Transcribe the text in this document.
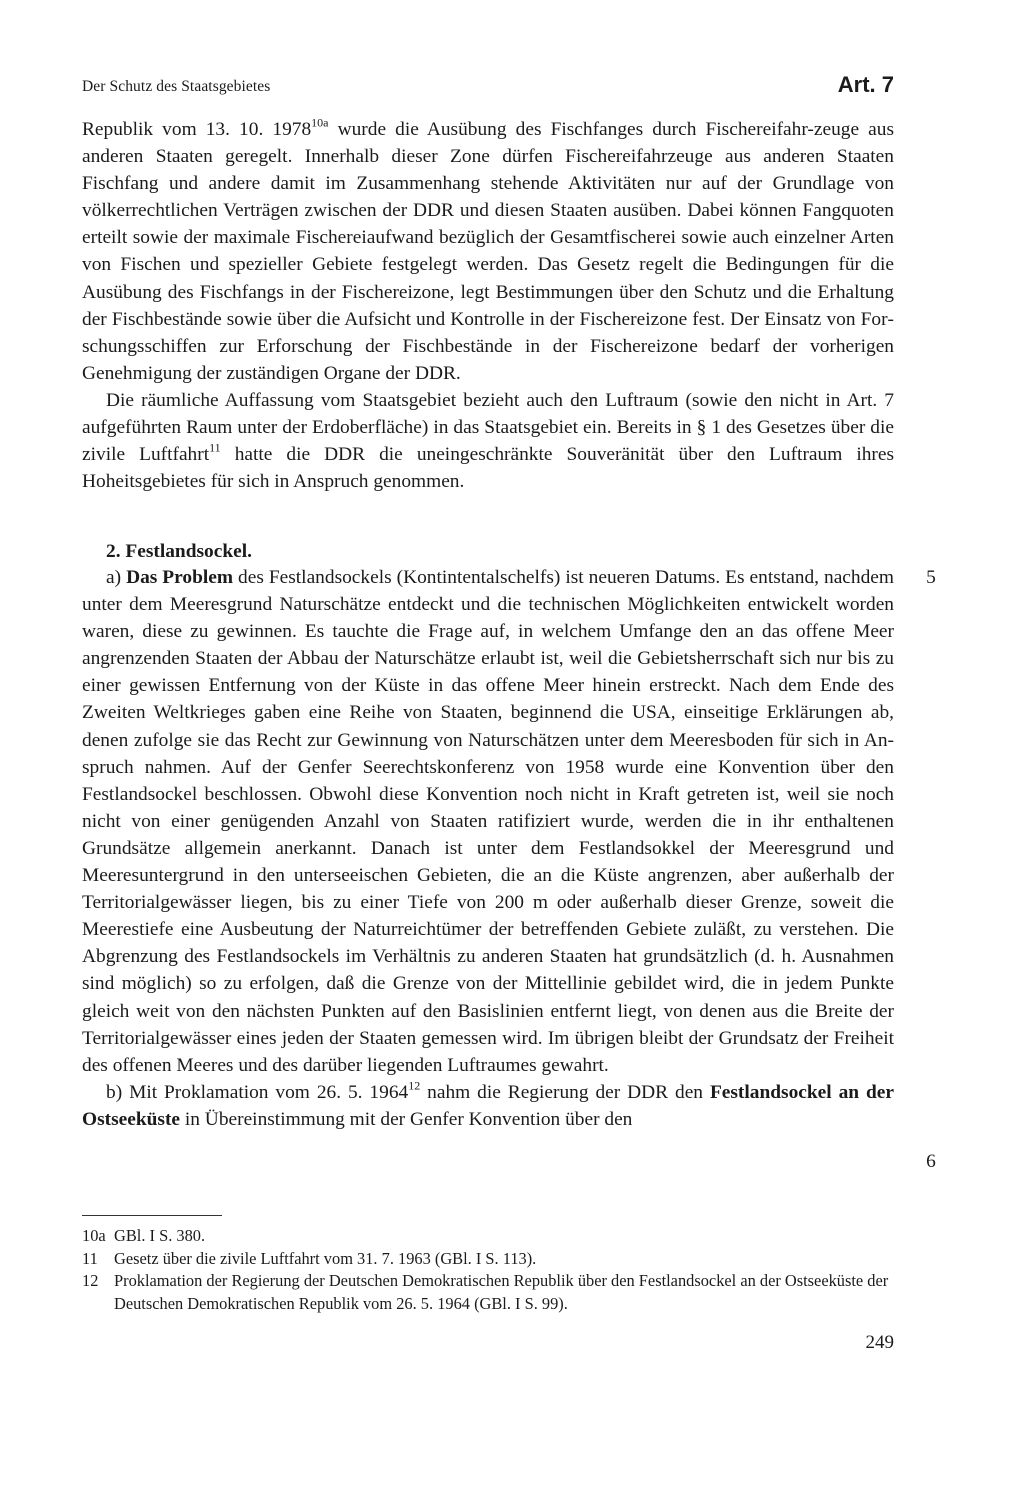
Der Schutz des Staatsgebietes	Art. 7

Republik vom 13. 10. $1978^{10a}$ wurde die Ausübung des Fischfanges durch Fischereifahr-zeuge aus anderen Staaten geregelt. Innerhalb dieser Zone dürfen Fischereifahrzeuge aus anderen Staaten Fischfang und andere damit im Zusammenhang stehende Aktivitäten nur auf der Grundlage von völkerrechtlichen Verträgen zwischen der DDR und diesen Staaten ausüben. Dabei können Fangquoten erteilt sowie der maximale Fischereiaufwand bezüglich der Gesamtfischerei sowie auch einzelner Arten von Fischen und spezieller Gebiete festgelegt werden. Das Gesetz regelt die Bedingungen für die Ausübung des Fischfangs in der Fischereizone, legt Bestimmungen über den Schutz und die Erhaltung der Fischbestände sowie über die Aufsicht und Kontrolle in der Fischereizone fest. Der Einsatz von Forschungsschiffen zur Erforschung der Fischbestände in der Fischereizone bedarf der vorherigen Genehmigung der zuständigen Organe der DDR.

Die räumliche Auffassung vom Staatsgebiet bezieht auch den Luftraum (sowie den nicht in Art. 7 aufgeführten Raum unter der Erdoberfläche) in das Staatsgebiet ein. Bereits in § 1 des Gesetzes über die zivile Luftfahrt$^{11}$ hatte die DDR die uneingeschränkte Souveränität über den Luftraum ihres Hoheitsgebietes für sich in Anspruch genommen.

2. Festlandsockel.

a) Das Problem des Festlandsockels (Kontintentalschelfs) ist neueren Datums. Es entstand, nachdem unter dem Meeresgrund Naturschätze entdeckt und die technischen Möglichkeiten entwickelt worden waren, diese zu gewinnen. Es tauchte die Frage auf, in welchem Umfange den an das offene Meer angrenzenden Staaten der Abbau der Naturschätze erlaubt ist, weil die Gebietsherrschaft sich nur bis zu einer gewissen Entfernung von der Küste in das offene Meer hinein erstreckt. Nach dem Ende des Zweiten Weltkrieges gaben eine Reihe von Staaten, beginnend die USA, einseitige Erklärungen ab, denen zufolge sie das Recht zur Gewinnung von Naturschätzen unter dem Meeresboden für sich in Anspruch nahmen. Auf der Genfer Seerechtskonferenz von 1958 wurde eine Konvention über den Festlandsockel beschlossen. Obwohl diese Konvention noch nicht in Kraft getreten ist, weil sie noch nicht von einer genügenden Anzahl von Staaten ratifiziert wurde, werden die in ihr enthaltenen Grundsätze allgemein anerkannt. Danach ist unter dem Festlandsokkel der Meeresgrund und Meeresuntergrund in den unterseeischen Gebieten, die an die Küste angrenzen, aber außerhalb der Territorialgewässer liegen, bis zu einer Tiefe von 200 m oder außerhalb dieser Grenze, soweit die Meerestiefe eine Ausbeutung der Naturreichtümer der betreffenden Gebiete zuläßt, zu verstehen. Die Abgrenzung des Festlandsockels im Verhältnis zu anderen Staaten hat grundsätzlich (d. h. Ausnahmen sind möglich) so zu erfolgen, daß die Grenze von der Mittellinie gebildet wird, die in jedem Punkte gleich weit von den nächsten Punkten auf den Basislinien entfernt liegt, von denen aus die Breite der Territorialgewässer eines jeden der Staaten gemessen wird. Im übrigen bleibt der Grundsatz der Freiheit des offenen Meeres und des darüber liegenden Luftraumes gewahrt.

b) Mit Proklamation vom 26. 5. 1964$^{12}$ nahm die Regierung der DDR den Festlandsockel an der Ostseeküste in Übereinstimmung mit der Genfer Konvention über den

5
6
10a GBl. I S. 380.
11 Gesetz über die zivile Luftfahrt vom 31. 7. 1963 (GBl. I S. 113).
12 Proklamation der Regierung der Deutschen Demokratischen Republik über den Festlandsockel an der Ostseeküste der Deutschen Demokratischen Republik vom 26. 5. 1964 (GBl. I S. 99).
249
